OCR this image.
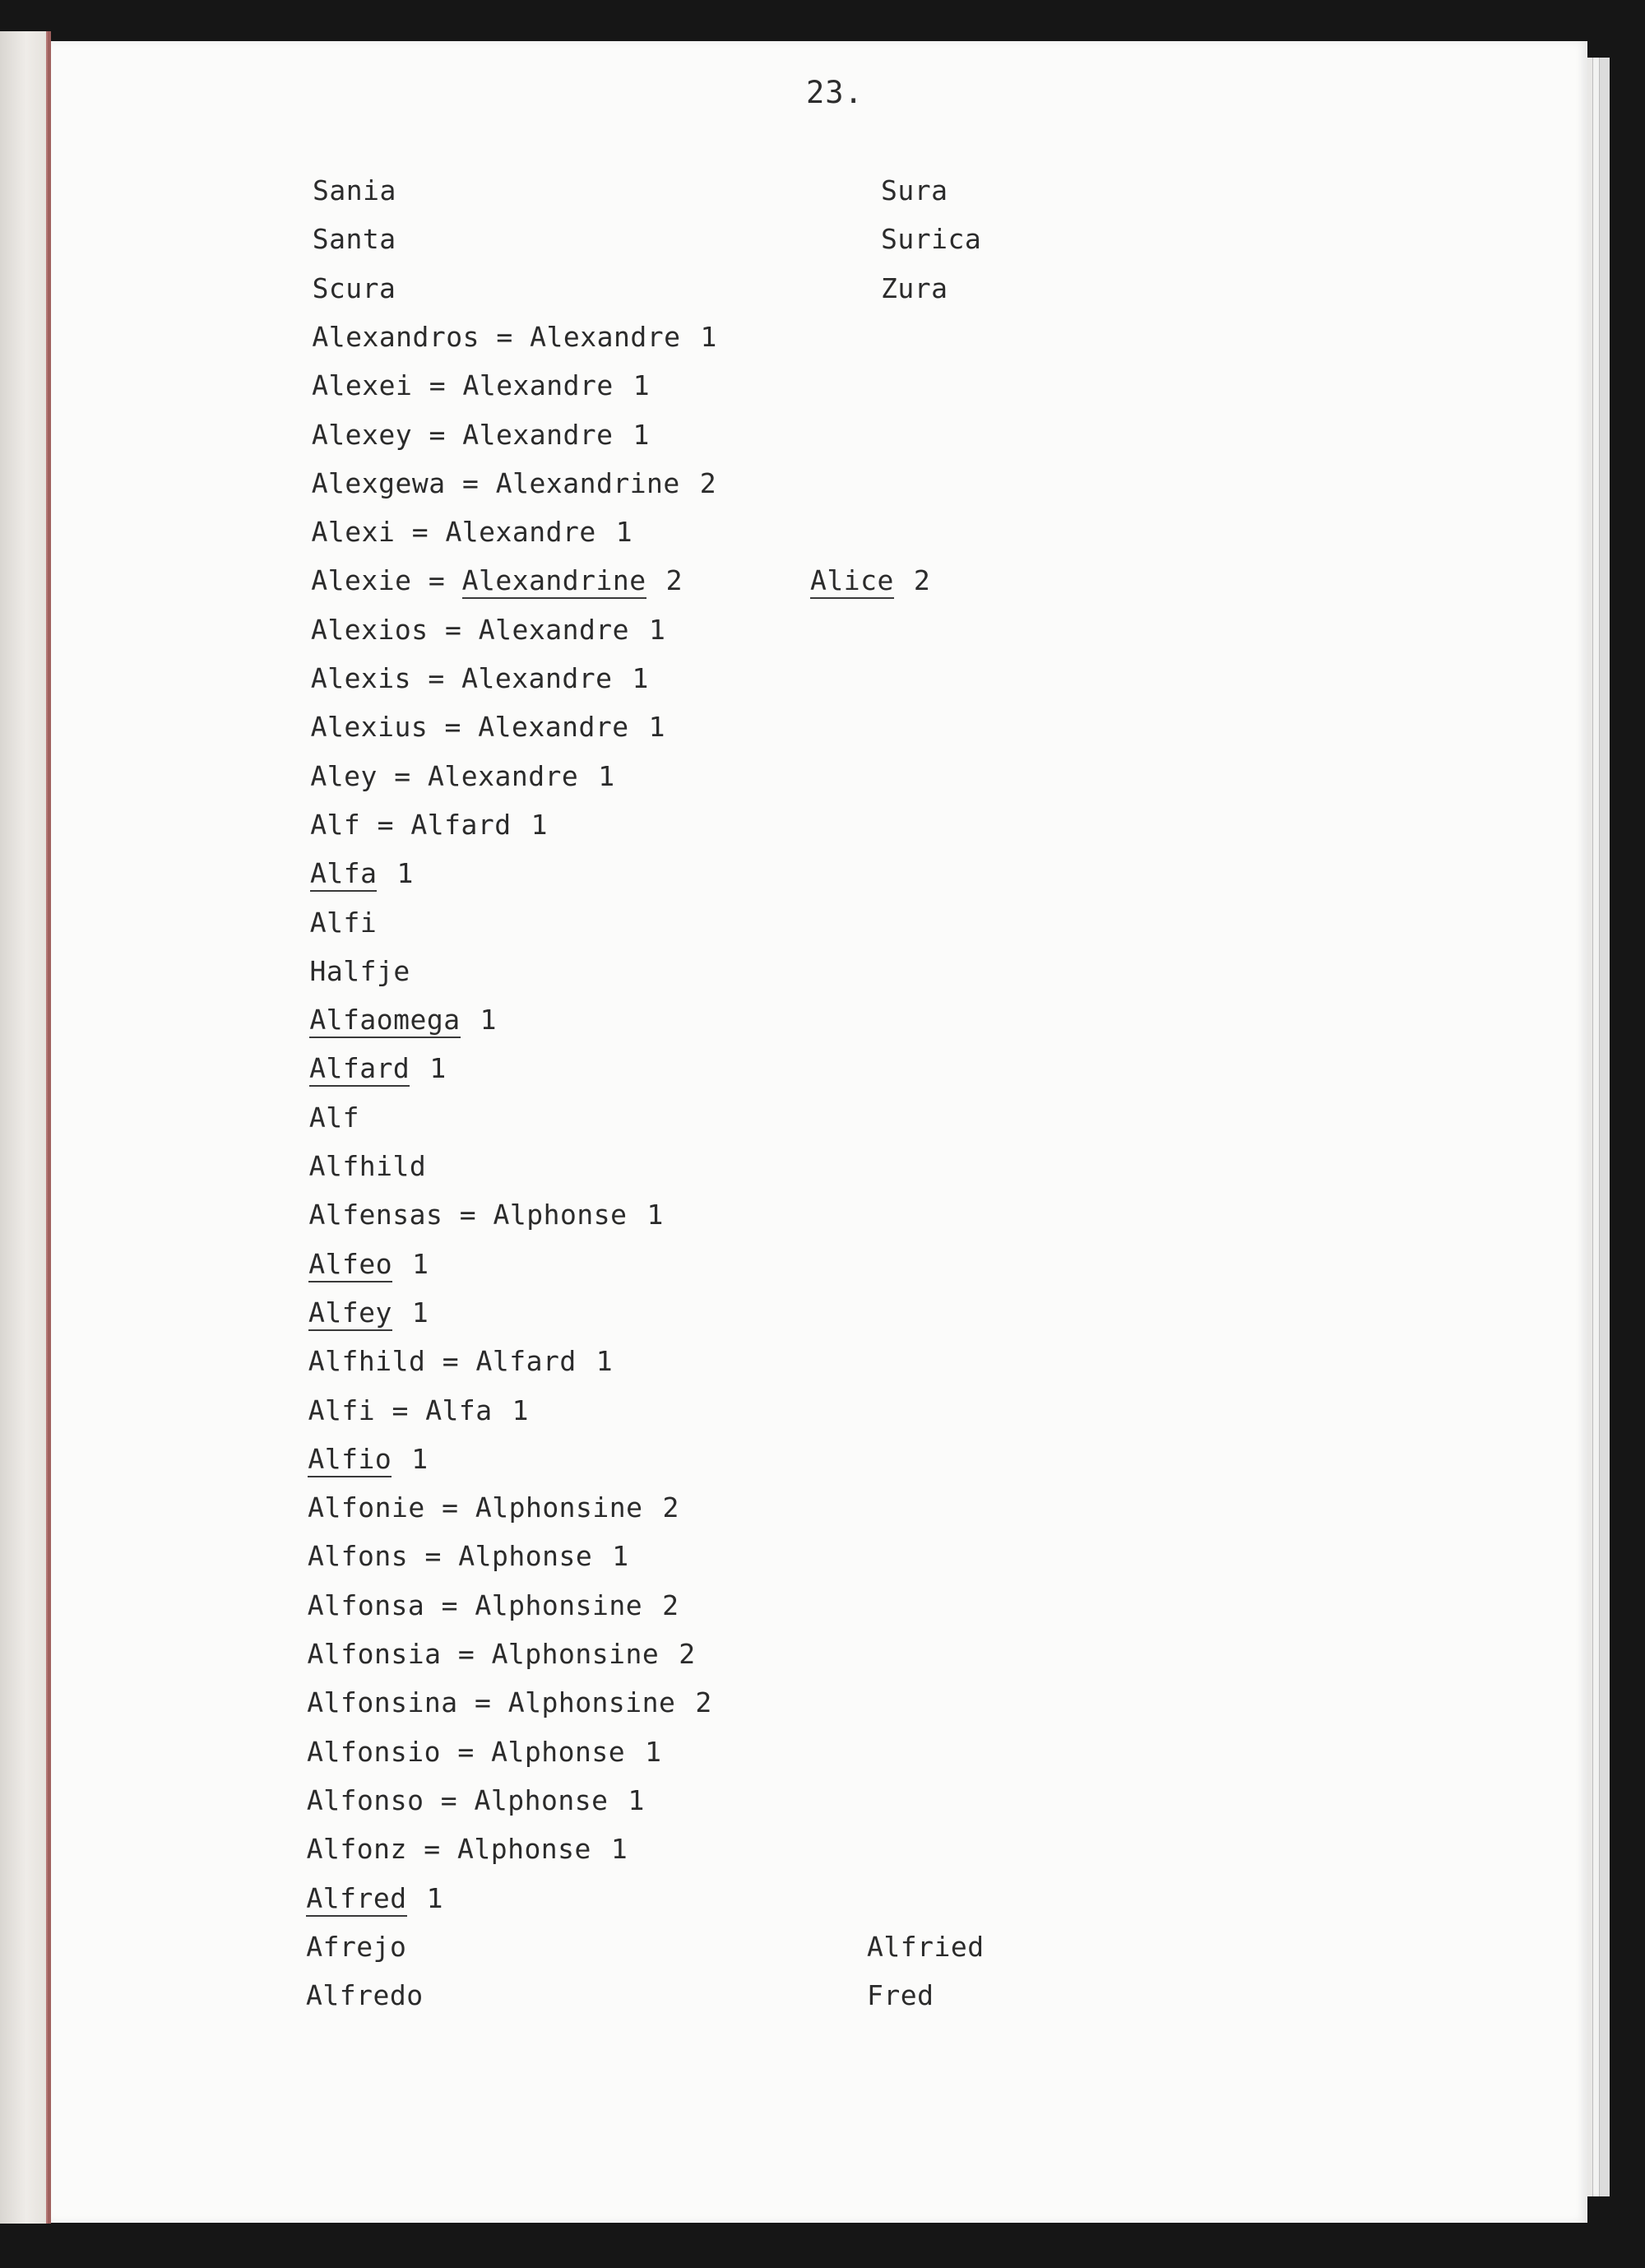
23.
Sania
Santa
Scura
Alexandros = Alexandre 1
Alexei = Alexandre 1
Alexey = Alexandre 1
Alexgewa = Alexandrine 2
Alexi = Alexandre 1
Alexie = Alexandrine 2
Alexios = Alexandre 1
Alexis = Alexandre 1
Alexius = Alexandre 1
Aley = Alexandre 1
Alf = Alfard 1
Alfa 1
Alfi
Halfje
Alfaomega 1
Alfard 1
Alf
Alfhild
Alfensas = Alphonse 1
Alfeo 1
Alfey 1
Alfhild = Alfard 1
Alfi = Alfa 1
Alfio 1
Alfonie = Alphonsine 2
Alfons = Alphonse 1
Alfonsa = Alphonsine 2
Alfonsia = Alphonsine 2
Alfonsina = Alphonsine 2
Alfonsio = Alphonse 1
Alfonso = Alphonse 1
Alfonz = Alphonse 1
Alfred 1
Afrejo
Alfredo
Sura
Surica
Zura
Alice 2
Alfried
Fred
